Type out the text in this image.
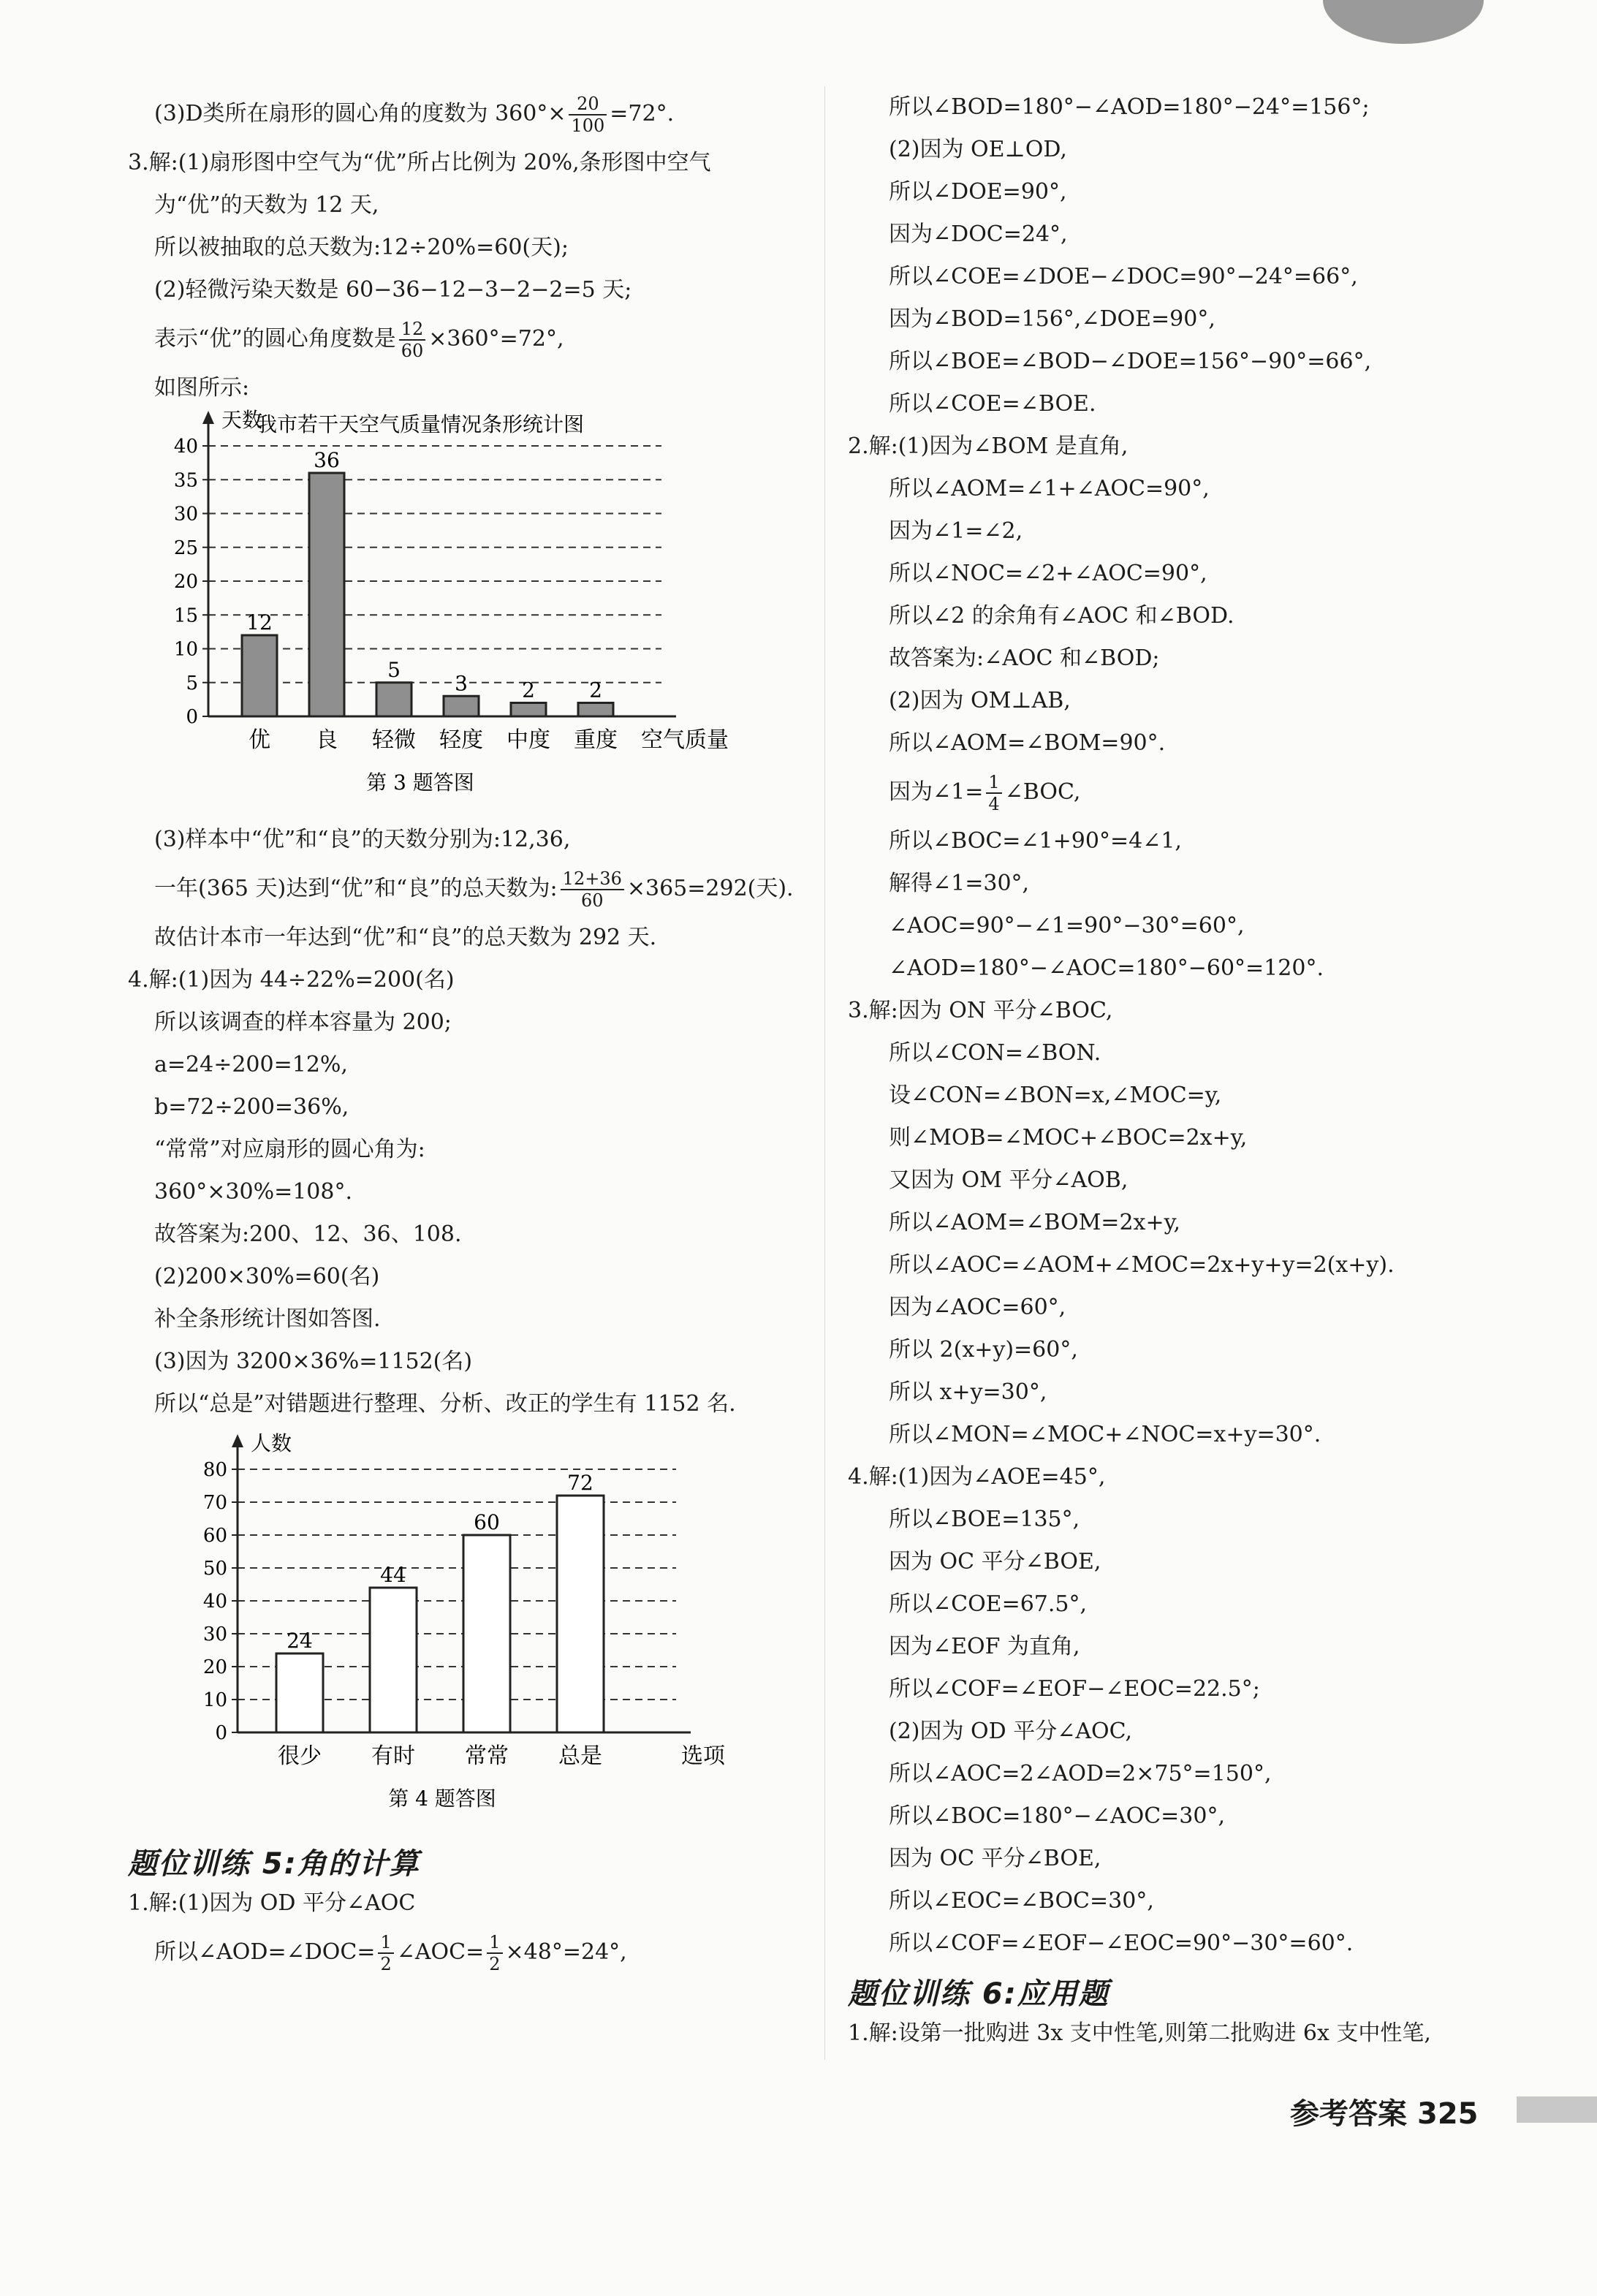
(3)D类所在扇形的圆心角的度数为 $360^\circ\times \frac{20}{100} =72^\circ$.
3.解:(1)扇形图中空气为“优”所占比例为 20%,条形图中空气
为“优”的天数为 12 天,
所以被抽取的总天数为:12÷20%=60(天);
(2)轻微污染天数是 60−36−12−3−2−2=5 天;
表示“优”的圆心角度数是 $\frac{12}{60} \times 360^\circ=72^\circ$,
如图所示:
我市若干天空气质量情况条形统计图
0
5
10
15
20
25
30
35
40
天数
12
优
36
良
5
轻微
3
轻度
2
中度
2
重度 空气质量
第 3 题答图
(3)样本中“优”和“良”的天数分别为:12,36,
一年(365 天)达到“优”和“良”的总天数为: $\frac{12+36}{60} \times 365=292$(天).
故估计本市一年达到“优”和“良”的总天数为 292 天.
4.解:(1)因为 44÷22%=200(名)
所以该调查的样本容量为 200;
a=24÷200=12%,
b=72÷200=36%,
“常常”对应扇形的圆心角为:
360°×30%=108°.
故答案为:200、12、36、108.
(2)200×30%=60(名)
补全条形统计图如答图.
(3)因为 3200×36%=1152(名)
所以“总是”对错题进行整理、分析、改正的学生有 1152 名.
0
10
20
30
40
50
60
70
80
人数
24
很少
44
有时
60
常常
72
总是	选项
第 4 题答图
题位训练 5:角的计算
1.解:(1)因为 OD 平分∠AOC
所以∠AOD=∠DOC= $\frac{1}{2}$ ∠AOC= $\frac{1}{2} \times 48^\circ=24^\circ$,
所以∠BOD=180°−∠AOD=180°−24°=156°;
(2)因为 OE⊥OD,
所以∠DOE=90°,
因为∠DOC=24°,
所以∠COE=∠DOE−∠DOC=90°−24°=66°,
因为∠BOD=156°,∠DOE=90°,
所以∠BOE=∠BOD−∠DOE=156°−90°=66°,
所以∠COE=∠BOE.
2.解:(1)因为∠BOM 是直角,
所以∠AOM=∠1+∠AOC=90°,
因为∠1=∠2,
所以∠NOC=∠2+∠AOC=90°,
所以∠2 的余角有∠AOC 和∠BOD.
故答案为:∠AOC 和∠BOD;
(2)因为 OM⊥AB,
所以∠AOM=∠BOM=90°.
因为∠1= $\frac{1}{4}$ ∠BOC,
所以∠BOC=∠1+90°=4∠1,
解得∠1=30°,
∠AOC=90°−∠1=90°−30°=60°,
∠AOD=180°−∠AOC=180°−60°=120°.
3.解:因为 ON 平分∠BOC,
所以∠CON=∠BON.
设∠CON=∠BON=x,∠MOC=y,
则∠MOB=∠MOC+∠BOC=2x+y,
又因为 OM 平分∠AOB,
所以∠AOM=∠BOM=2x+y,
所以∠AOC=∠AOM+∠MOC=2x+y+y=2(x+y).
因为∠AOC=60°,
所以 2(x+y)=60°,
所以 x+y=30°,
所以∠MON=∠MOC+∠NOC=x+y=30°.
4.解:(1)因为∠AOE=45°,
所以∠BOE=135°,
因为 OC 平分∠BOE,
所以∠COE=67.5°,
因为∠EOF 为直角,
所以∠COF=∠EOF−∠EOC=22.5°;
(2)因为 OD 平分∠AOC,
所以∠AOC=2∠AOD=2×75°=150°,
所以∠BOC=180°−∠AOC=30°,
因为 OC 平分∠BOE,
所以∠EOC=∠BOC=30°,
所以∠COF=∠EOF−∠EOC=90°−30°=60°.
题位训练 6:应用题
1.解:设第一批购进 3x 支中性笔,则第二批购进 6x 支中性笔,
参考答案 325
